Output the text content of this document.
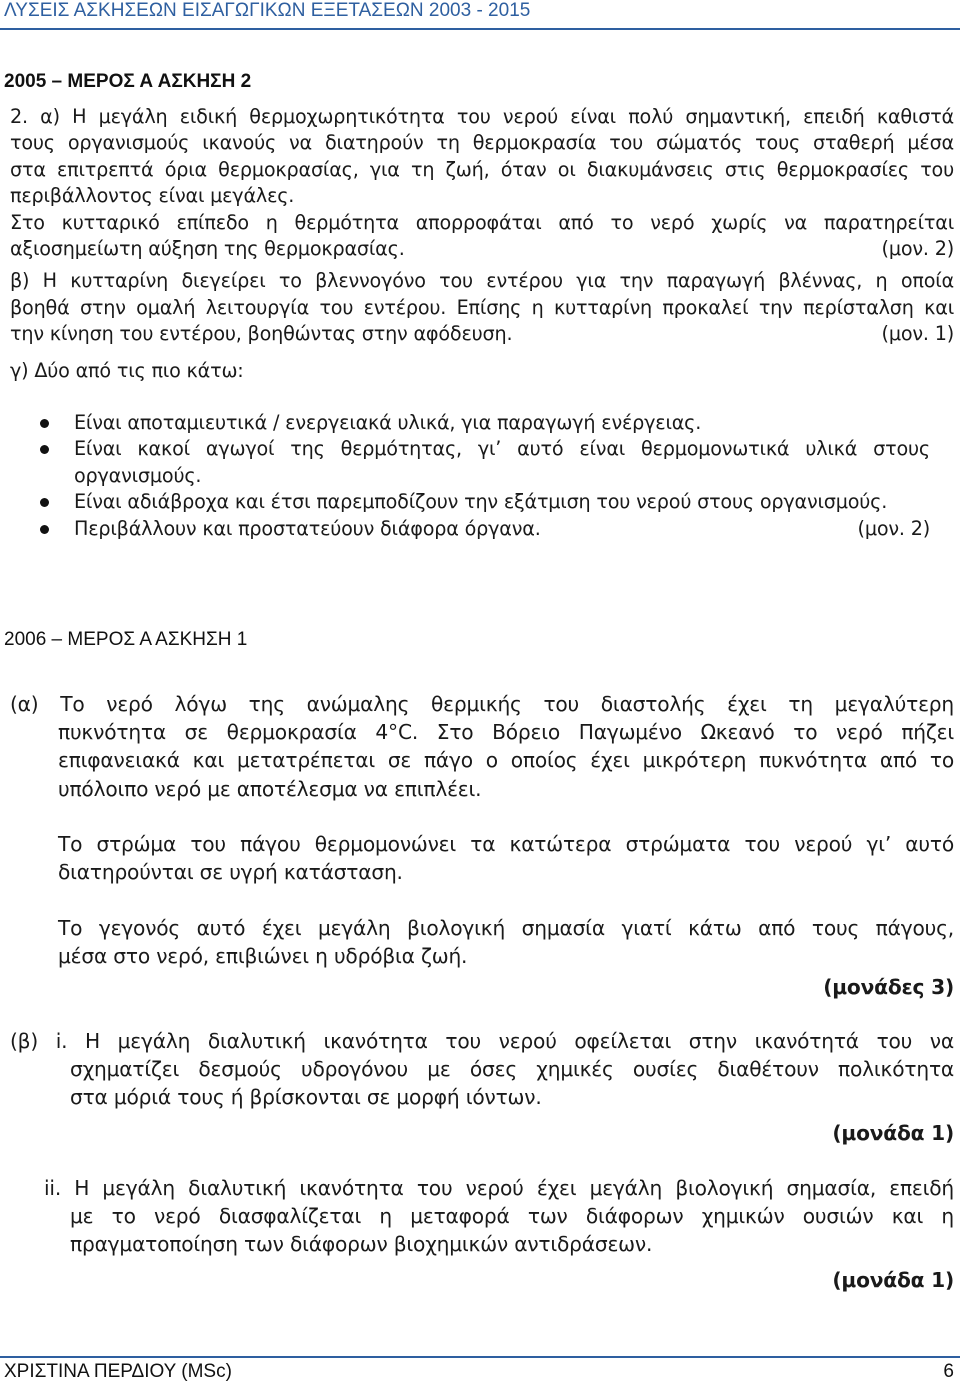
ΛΥΣΕΙΣ ΑΣΚΗΣΕΩΝ ΕΙΣΑΓΩΓΙΚΩΝ ΕΞΕΤΑΣΕΩΝ 2003 - 2015
2005 – ΜΕΡΟΣ Α ΑΣΚΗΣΗ 2

2. α) Η μεγάλη ειδική θερμοχωρητικότητα του νερού είναι πολύ σημαντική, επειδή καθιστά

τους οργανισμούς ικανούς να διατηρούν τη θερμοκρασία του σώματός τους σταθερή μέσα

στα επιτρεπτά όρια θερμοκρασίας, για τη ζωή, όταν οι διακυμάνσεις στις θερμοκρασίες του

περιβάλλοντος είναι μεγάλες.

Στο κυτταρικό επίπεδο η θερμότητα απορροφάται από το νερό χωρίς να παρατηρείται

αξιοσημείωτη αύξηση της θερμοκρασίας.	(μον. 2)

β) Η κυτταρίνη διεγείρει το βλεννογόνο του εντέρου για την παραγωγή βλέννας, η οποία

βοηθά στην ομαλή λειτουργία του εντέρου. Επίσης η κυτταρίνη προκαλεί την περίσταλση και

την κίνηση του εντέρου, βοηθώντας στην αφόδευση.	(μον. 1)

γ) Δύο από τις πιο κάτω:

Είναι αποταμιευτικά / ενεργειακά υλικά, για παραγωγή ενέργειας.
Είναι κακοί αγωγοί της θερμότητας, γι’ αυτό είναι θερμομονωτικά υλικά στους
οργανισμούς.
Είναι αδιάβροχα και έτσι παρεμποδίζουν την εξάτμιση του νερού στους οργανισμούς.
Περιβάλλουν και προστατεύουν διάφορα όργανα.	(μον. 2)
2006 – ΜΕΡΟΣ Α ΑΣΚΗΣΗ 1

(α) Το νερό λόγω της ανώμαλης θερμικής του διαστολής έχει τη μεγαλύτερη

πυκνότητα σε θερμοκρασία 4°C. Στο Βόρειο Παγωμένο Ωκεανό το νερό πήζει

επιφανειακά και μετατρέπεται σε πάγο ο οποίος έχει μικρότερη πυκνότητα από το

υπόλοιπο νερό με αποτέλεσμα να επιπλέει.

Το στρώμα του πάγου θερμομονώνει τα κατώτερα στρώματα του νερού γι’ αυτό

διατηρούνται σε υγρή κατάσταση.

Το γεγονός αυτό έχει μεγάλη βιολογική σημασία γιατί κάτω από τους πάγους,

μέσα στο νερό, επιβιώνει η υδρόβια ζωή.

(μονάδες 3)

(β) i. Η μεγάλη διαλυτική ικανότητα του νερού οφείλεται στην ικανότητά του να

σχηματίζει δεσμούς υδρογόνου με όσες χημικές ουσίες διαθέτουν πολικότητα

στα μόριά τους ή βρίσκονται σε μορφή ιόντων.

(μονάδα 1)

ii. Η μεγάλη διαλυτική ικανότητα του νερού έχει μεγάλη βιολογική σημασία, επειδή

με το νερό διασφαλίζεται η μεταφορά των διάφορων χημικών ουσιών και η

πραγματοποίηση των διάφορων βιοχημικών αντιδράσεων.

(μονάδα 1)

ΧΡΙΣΤΙΝΑ ΠΕΡΔΙΟΥ (MSc)	6
